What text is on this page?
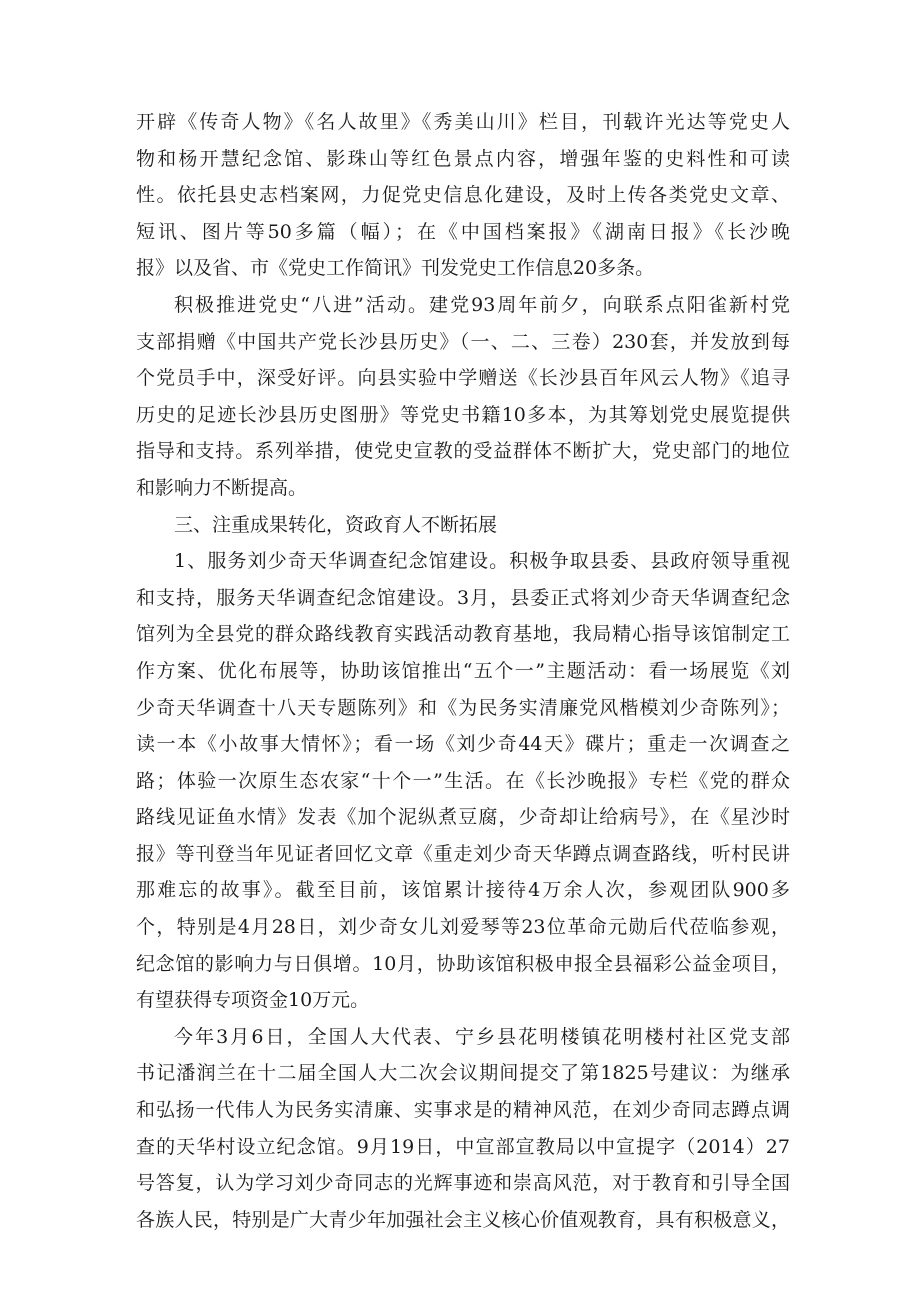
开辟《传奇人物》《名人故里》《秀美山川》栏目，刊载许光达等党史人
物和杨开慧纪念馆、影珠山等红色景点内容，增强年鉴的史料性和可读
性。依托县史志档案网，力促党史信息化建设，及时上传各类党史文章、
短讯、图片等50多篇（幅）；在《中国档案报》《湖南日报》《长沙晚
报》以及省、市《党史工作简讯》刊发党史工作信息20多条。
积极推进党史“八进”活动。建党93周年前夕，向联系点阳雀新村党
支部捐赠《中国共产党长沙县历史》（一、二、三卷）230套，并发放到每
个党员手中，深受好评。向县实验中学赠送《长沙县百年风云人物》《追寻
历史的足迹长沙县历史图册》等党史书籍10多本，为其筹划党史展览提供
指导和支持。系列举措，使党史宣教的受益群体不断扩大，党史部门的地位
和影响力不断提高。
三、注重成果转化，资政育人不断拓展
1、服务刘少奇天华调查纪念馆建设。积极争取县委、县政府领导重视
和支持，服务天华调查纪念馆建设。3月，县委正式将刘少奇天华调查纪念
馆列为全县党的群众路线教育实践活动教育基地，我局精心指导该馆制定工
作方案、优化布展等，协助该馆推出“五个一”主题活动：看一场展览《刘
少奇天华调查十八天专题陈列》和《为民务实清廉党风楷模刘少奇陈列》；
读一本《小故事大情怀》；看一场《刘少奇44天》碟片；重走一次调查之
路；体验一次原生态农家“十个一”生活。在《长沙晚报》专栏《党的群众
路线见证鱼水情》发表《加个泥纵煮豆腐，少奇却让给病号》，在《星沙时
报》等刊登当年见证者回忆文章《重走刘少奇天华蹲点调查路线，听村民讲
那难忘的故事》。截至目前，该馆累计接待4万余人次，参观团队900多
个，特别是4月28日，刘少奇女儿刘爱琴等23位革命元勋后代莅临参观，
纪念馆的影响力与日俱增。10月，协助该馆积极申报全县福彩公益金项目，
有望获得专项资金10万元。
今年3月6日，全国人大代表、宁乡县花明楼镇花明楼村社区党支部
书记潘润兰在十二届全国人大二次会议期间提交了第1825号建议：为继承
和弘扬一代伟人为民务实清廉、实事求是的精神风范，在刘少奇同志蹲点调
查的天华村设立纪念馆。9月19日，中宣部宣教局以中宣提字（2014）27
号答复，认为学习刘少奇同志的光辉事迹和崇高风范，对于教育和引导全国
各族人民，特别是广大青少年加强社会主义核心价值观教育，具有积极意义，
